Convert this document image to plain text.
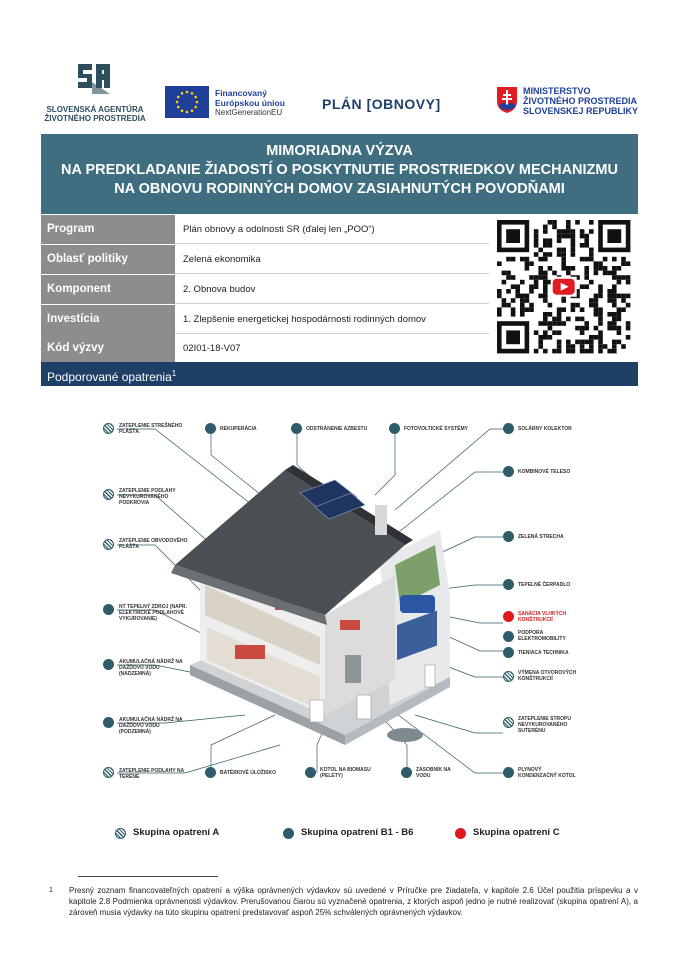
SLOVENSKÁ AGENTÚRA
ŽIVOTNÉHO PROSTREDIA
Financovaný
Európskou úniou
NextGenerationEU	PLÁN [OBNOVY]
MINISTERSTVO
ŽIVOTNÉHO PROSTREDIA
SLOVENSKEJ REPUBLIKY
MIMORIADNA VÝZVA
NA PREDKLADANIE ŽIADOSTÍ O POSKYTNUTIE PROSTRIEDKOV MECHANIZMU
NA OBNOVU RODINNÝCH DOMOV ZASIAHNUTÝCH POVODŇAMI
Program	Plán obnovy a odolnosti SR (ďalej len „POO“)
Oblasť politiky	Zelená ekonomika
Komponent	2. Obnova budov
Investícia	1. Zlepšenie energetickej hospodárnosti rodinných domov
Kód výzvy	02I01-18-V07
Podporované opatrenia$^1$
ZATEPLENIE STREŠNÉHO PLÁŠŤA
ZATEPLENIE PODLAHY NEVYKUROVANÉHO PODKROVIA
ZATEPLENIE OBVODOVÉHO PLÁŠŤA
NT TEPELNÝ ZDROJ (NAPR. ELEKTRICKÉ PODLAHOVÉ VYKUROVANIE)
AKUMULAČNÁ NÁDRŽ NA DAŽĎOVÚ VODU (NADZEMNÁ)
AKUMULAČNÁ NÁDRŽ NA DAŽĎOVÚ VODU (PODZEMNÁ)
ZATEPLENIE PODLAHY NA TERÉNE
REKUPERÁCIA	ODSTRÁNENIE AZBESTU	FOTOVOLTICKÉ SYSTÉMY	SOLÁRNY KOLEKTOR
KOMBINOVÉ TELESO
ZELENÁ STRECHA
TEPELNÉ ČERPADLO
SANÁCIA VLHKÝCH KONŠTRUKCIÍ
PODPORA ELEKTROMOBILITY
TIENIACA TECHNIKA
VÝMENA OTVOROVÝCH KONŠTRUKCIÍ
ZATEPLENIE STROPU NEVYKUROVANÉHO SUTERÉNU
PLYNOVÝ KONDENZAČNÝ KOTOL
BATÉRIOVÉ ÚLOŽISKO	KOTOL NA BIOMASU (PELETY)
ZÁSOBNÍK NA VODU
Skupina opatrení A	Skupina opatrení B1 - B6	Skupina opatrení C
1	Presný zoznam financovateľných opatrení a výška oprávnených výdavkov sú uvedené v Príručke pre žiadateľa, v kapitole 2.6 Účel použitia príspevku a v kapitole 2.8 Podmienka oprávnenosti výdavkov. Prerušovanou čiarou sú vyznačené opatrenia, z ktorých aspoň jedno je nutné realizovať (skupina opatrení A), a zároveň musia výdavky na túto skupinu opatrení predstavovať aspoň 25% schválených oprávnených výdavkov.
